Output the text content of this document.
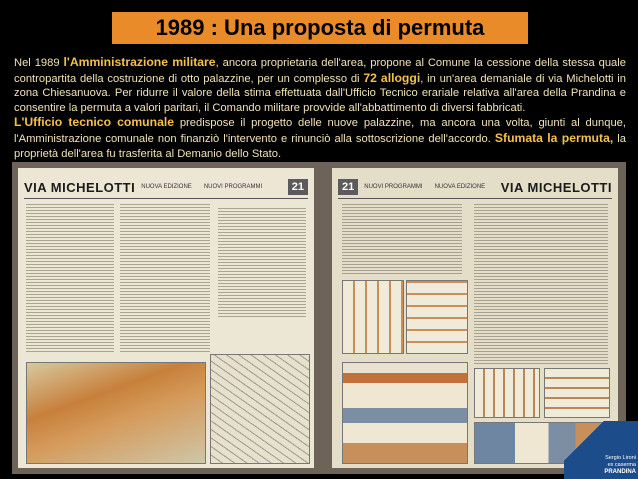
1989 : Una proposta di permuta

Nel 1989 l'Amministrazione militare, ancora proprietaria dell'area, propone al Comune la cessione della stessa quale contropartita della costruzione di otto palazzine, per un complesso di 72 alloggi, in un'area demaniale di via Michelotti in zona Chiesanuova. Per ridurre il valore della stima effettuata dall'Ufficio Tecnico erariale relativa all'area della Prandina e consentire la permuta a valori paritari, il Comando militare provvide all'abbattimento di diversi fabbricati.

L'Ufficio tecnico comunale predispose il progetto delle nuove palazzine, ma ancora una volta, giunti al dunque, l'Amministrazione comunale non finanziò l'intervento e rinunciò alla sottoscrizione dell'accordo. Sfumata la permuta, la proprietà dell'area fu trasferita al Demanio dello Stato.

VIA MICHELOTTI NUOVA EDIZIONE NUOVI PROGRAMMI	21	21	NUOVI PROGRAMMI NUOVA EDIZIONE VIA MICHELOTTI
Sergio Lironi
ex caserma
PRANDINA
